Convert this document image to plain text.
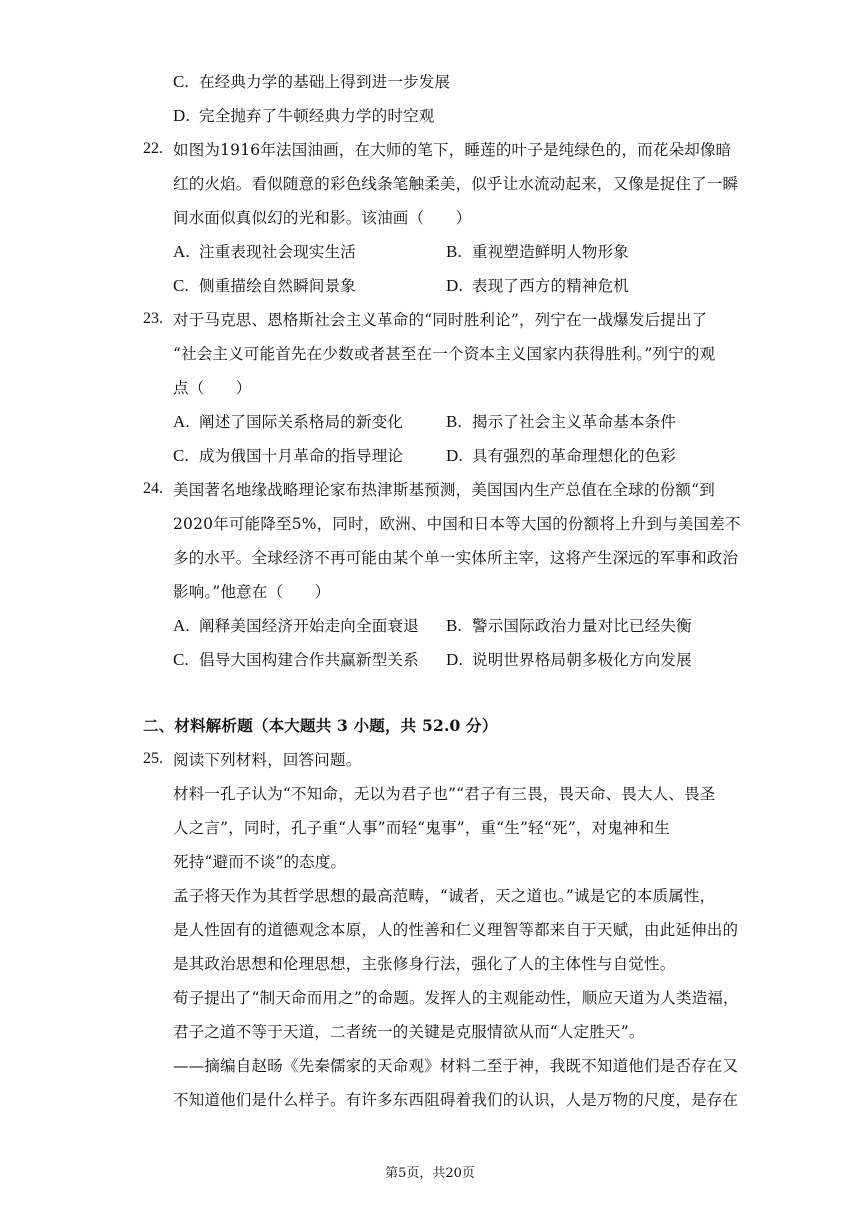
C. 在经典力学的基础上得到进一步发展
D. 完全抛弃了牛顿经典力学的时空观
22. 如图为1916年法国油画，在大师的笔下，睡莲的叶子是纯绿色的，而花朵却像暗
红的火焰。看似随意的彩色线条笔触柔美，似乎让水流动起来，又像是捉住了一瞬
间水面似真似幻的光和影。该油画（　　）
A. 注重表现社会现实生活	B. 重视塑造鲜明人物形象
C. 侧重描绘自然瞬间景象	D. 表现了西方的精神危机
23. 对于马克思、恩格斯社会主义革命的“同时胜利论”，列宁在一战爆发后提出了
“社会主义可能首先在少数或者甚至在一个资本主义国家内获得胜利。”列宁的观
点（　　）
A. 阐述了国际关系格局的新变化	B. 揭示了社会主义革命基本条件
C. 成为俄国十月革命的指导理论	D. 具有强烈的革命理想化的色彩
24. 美国著名地缘战略理论家布热津斯基预测，美国国内生产总值在全球的份额“到
2020年可能降至5%，同时，欧洲、中国和日本等大国的份额将上升到与美国差不
多的水平。全球经济不再可能由某个单一实体所主宰，这将产生深远的军事和政治
影响。”他意在（　　）
A. 阐释美国经济开始走向全面衰退 B. 警示国际政治力量对比已经失衡
C. 倡导大国构建合作共赢新型关系 D. 说明世界格局朝多极化方向发展
二、材料解析题（本大题共 3 小题，共 52.0 分）
25. 阅读下列材料，回答问题。
材料一孔子认为“不知命，无以为君子也”“君子有三畏，畏天命、畏大人、畏圣
人之言”，同时，孔子重“人事”而轻“鬼事”，重“生”轻“死”，对鬼神和生
死持“避而不谈”的态度。
孟子将天作为其哲学思想的最高范畴，“诚者，天之道也。”诚是它的本质属性，
是人性固有的道德观念本原，人的性善和仁义理智等都来自于天赋，由此延伸出的
是其政治思想和伦理思想，主张修身行法，强化了人的主体性与自觉性。
荀子提出了“制天命而用之”的命题。发挥人的主观能动性，顺应天道为人类造福，
君子之道不等于天道，二者统一的关键是克服情欲从而“人定胜天”。
——摘编自赵旸《先秦儒家的天命观》材料二至于神，我既不知道他们是否存在又
不知道他们是什么样子。有许多东西阻碍着我们的认识，人是万物的尺度，是存在
第5页，共20页
